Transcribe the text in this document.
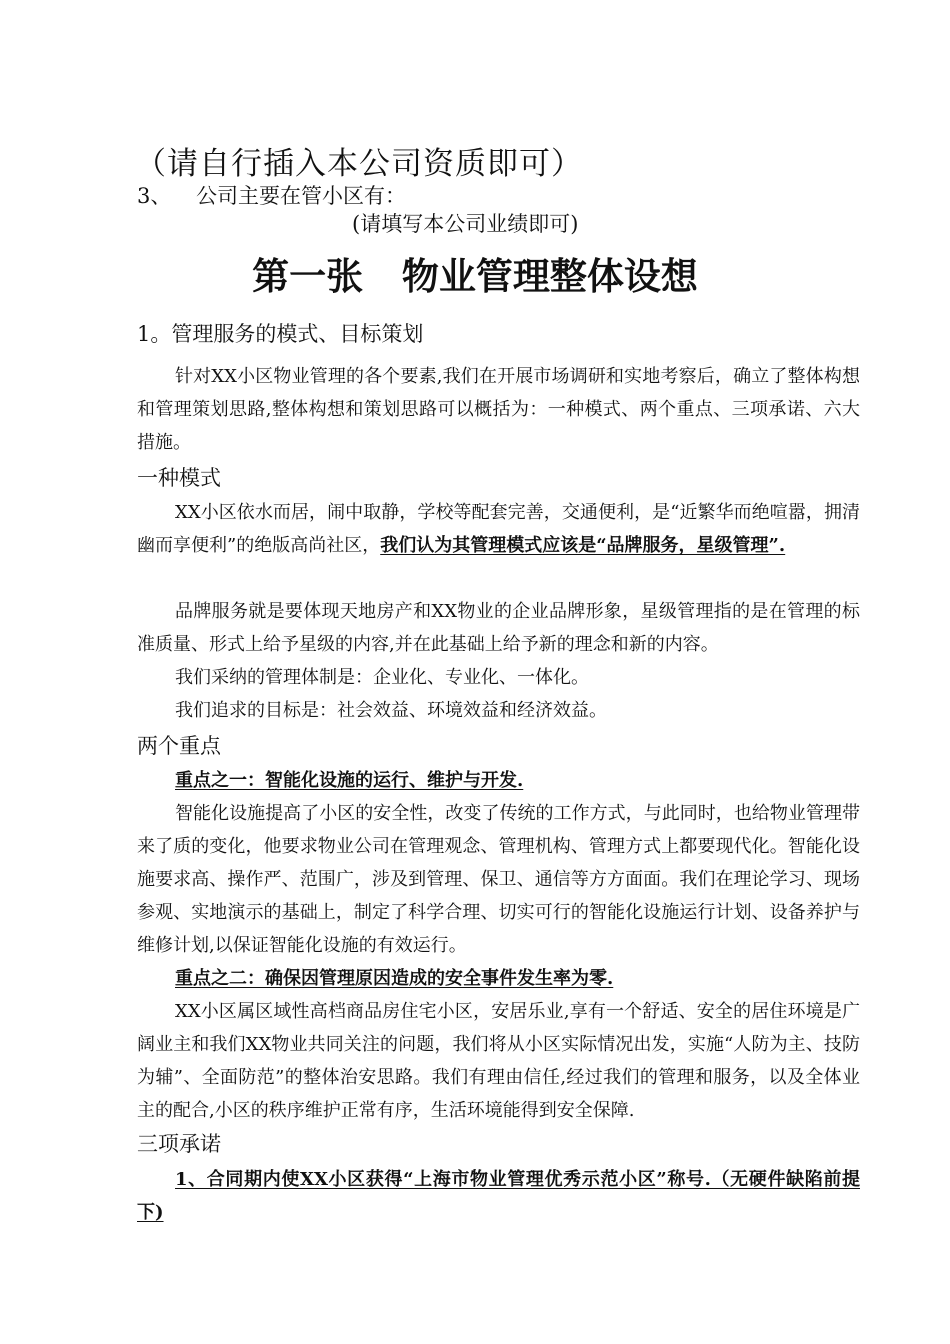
（请自行插入本公司资质即可）
3、 公司主要在管小区有：
(请填写本公司业绩即可)
第一张   物业管理整体设想
1。管理服务的模式、目标策划
针对XX小区物业管理的各个要素,我们在开展市场调研和实地考察后，确立了整体构想和管理策划思路,整体构想和策划思路可以概括为：一种模式、两个重点、三项承诺、六大措施。
一种模式
XX小区依水而居，闹中取静，学校等配套完善，交通便利，是“近繁华而绝喧嚣，拥清幽而享便利”的绝版高尚社区，我们认为其管理模式应该是“品牌服务，星级管理”.
品牌服务就是要体现天地房产和XX物业的企业品牌形象，星级管理指的是在管理的标准质量、形式上给予星级的内容,并在此基础上给予新的理念和新的内容。
我们采纳的管理体制是：企业化、专业化、一体化。
我们追求的目标是：社会效益、环境效益和经济效益。
两个重点
重点之一：智能化设施的运行、维护与开发.
智能化设施提高了小区的安全性，改变了传统的工作方式，与此同时，也给物业管理带来了质的变化，他要求物业公司在管理观念、管理机构、管理方式上都要现代化。智能化设施要求高、操作严、范围广，涉及到管理、保卫、通信等方方面面。我们在理论学习、现场参观、实地演示的基础上，制定了科学合理、切实可行的智能化设施运行计划、设备养护与维修计划,以保证智能化设施的有效运行。
重点之二：确保因管理原因造成的安全事件发生率为零.
XX小区属区域性高档商品房住宅小区，安居乐业,享有一个舒适、安全的居住环境是广阔业主和我们XX物业共同关注的问题，我们将从小区实际情况出发，实施“人防为主、技防为辅”、全面防范”的整体治安思路。我们有理由信任,经过我们的管理和服务，以及全体业主的配合,小区的秩序维护正常有序，生活环境能得到安全保障.
三项承诺
1、合同期内使XX小区获得“上海市物业管理优秀示范小区”称号.（无硬件缺陷前提下)
